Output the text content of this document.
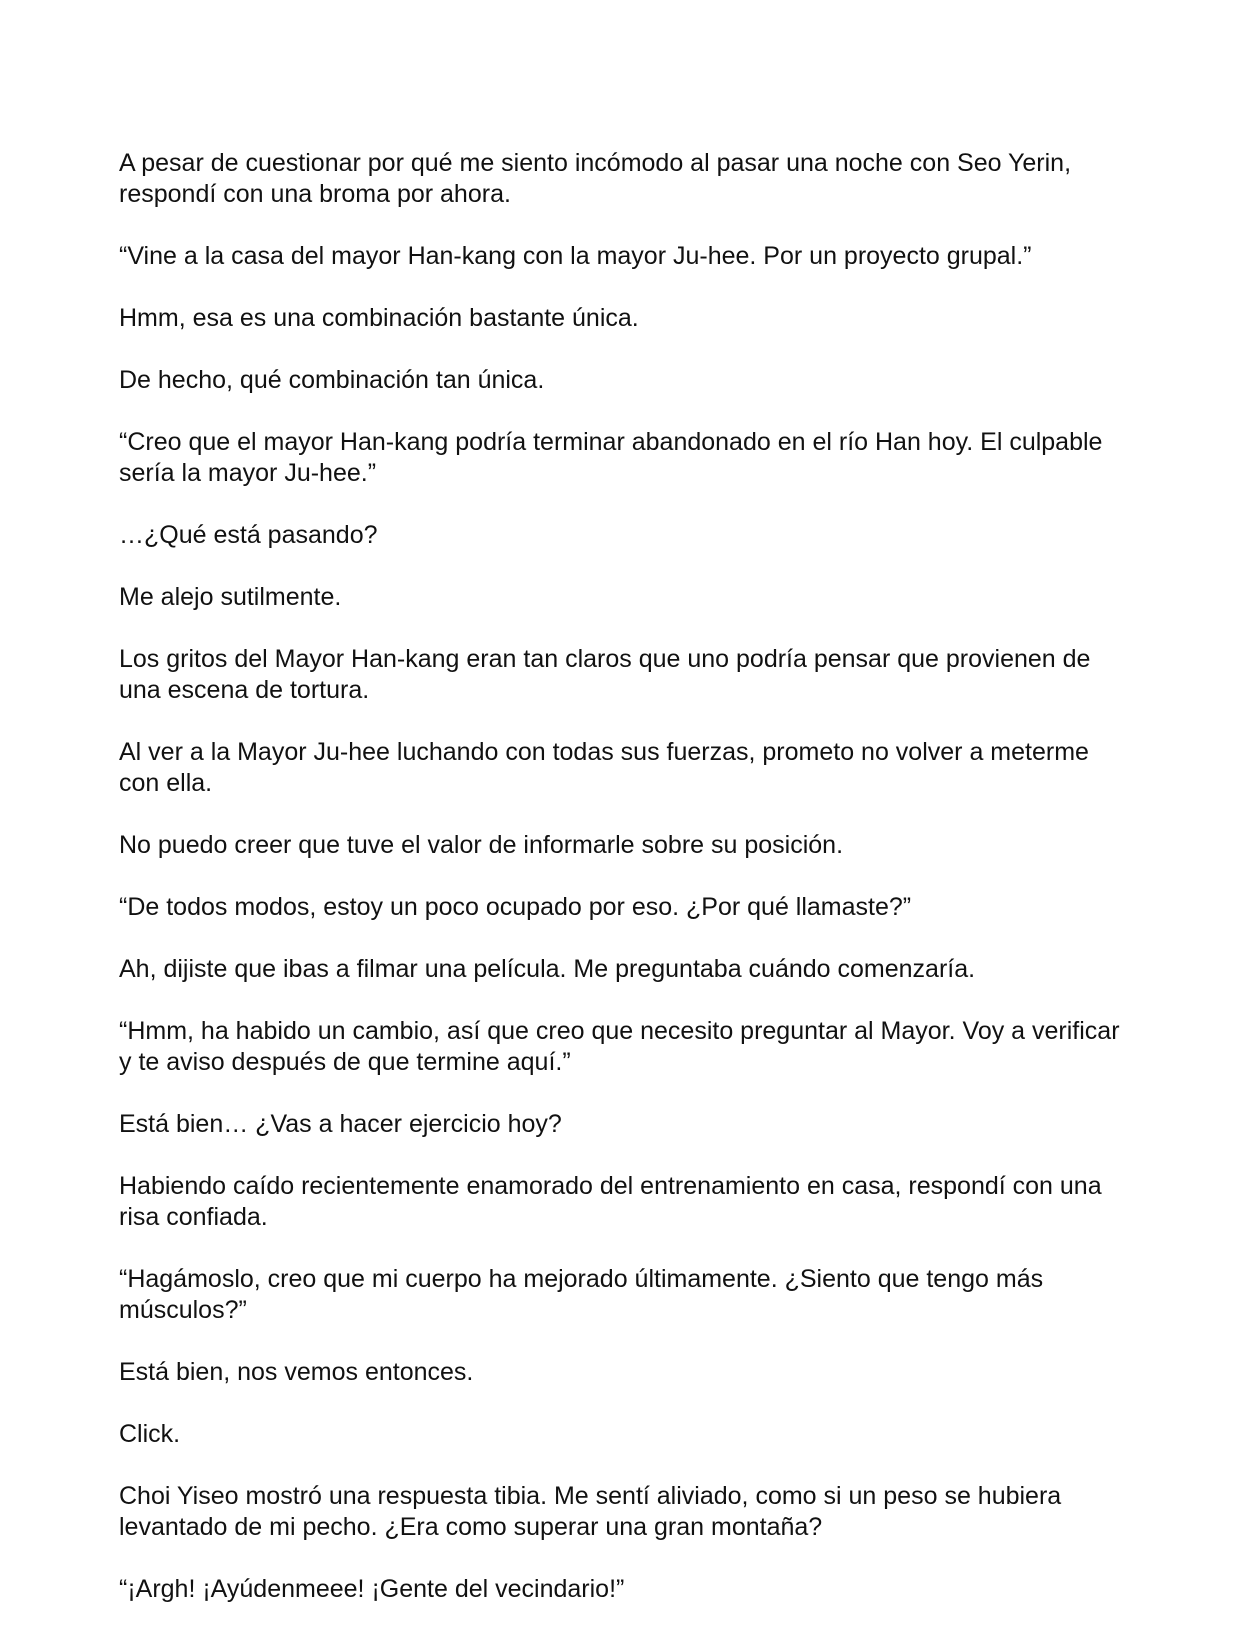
A pesar de cuestionar por qué me siento incómodo al pasar una noche con Seo Yerin, respondí con una broma por ahora.

“Vine a la casa del mayor Han-kang con la mayor Ju-hee. Por un proyecto grupal.”

Hmm, esa es una combinación bastante única.

De hecho, qué combinación tan única.

“Creo que el mayor Han-kang podría terminar abandonado en el río Han hoy. El culpable sería la mayor Ju-hee.”

…¿Qué está pasando?

Me alejo sutilmente.

Los gritos del Mayor Han-kang eran tan claros que uno podría pensar que provienen de una escena de tortura.

Al ver a la Mayor Ju-hee luchando con todas sus fuerzas, prometo no volver a meterme con ella.

No puedo creer que tuve el valor de informarle sobre su posición.

“De todos modos, estoy un poco ocupado por eso. ¿Por qué llamaste?”

Ah, dijiste que ibas a filmar una película. Me preguntaba cuándo comenzaría.

“Hmm, ha habido un cambio, así que creo que necesito preguntar al Mayor. Voy a verificar y te aviso después de que termine aquí.”

Está bien… ¿Vas a hacer ejercicio hoy?

Habiendo caído recientemente enamorado del entrenamiento en casa, respondí con una risa confiada.

“Hagámoslo, creo que mi cuerpo ha mejorado últimamente. ¿Siento que tengo más músculos?”

Está bien, nos vemos entonces.

Click.

Choi Yiseo mostró una respuesta tibia. Me sentí aliviado, como si un peso se hubiera levantado de mi pecho. ¿Era como superar una gran montaña?

“¡Argh! ¡Ayúdenmeee! ¡Gente del vecindario!”
